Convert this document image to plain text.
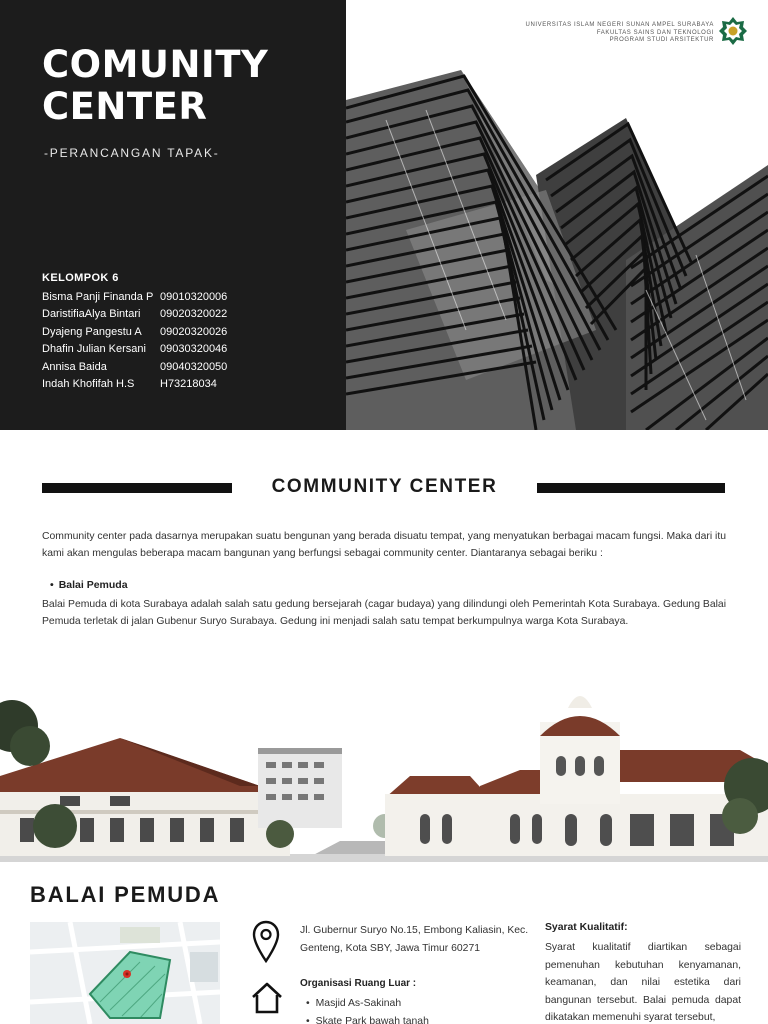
COMUNITY
CENTER
-PERANCANGAN TAPAK-
KELOMPOK 6
Bisma Panji Finanda P 09010320006
DaristifiaAlya Bintari	09020320022
Dyajeng Pangestu A	09020320026
Dhafin Julian Kersani	09030320046
Annisa Baida	09040320050
Indah Khofifah H.S	H73218034
UNIVERSITAS ISLAM NEGERI SUNAN AMPEL SURABAYA
FAKULTAS SAINS DAN TEKNOLOGI
PROGRAM STUDI ARSITEKTUR
COMMUNITY CENTER

Community center pada dasarnya merupakan suatu bengunan yang berada disuatu tempat, yang menyatukan berbagai macam fungsi. Maka dari itu kami akan mengulas beberapa macam bangunan yang berfungsi sebagai community center. Diantaranya sebagai beriku :

• Balai Pemuda

Balai Pemuda di kota Surabaya adalah salah satu gedung bersejarah (cagar budaya) yang dilindungi oleh Pemerintah Kota Surabaya. Gedung Balai Pemuda terletak di jalan Gubenur Suryo Surabaya. Gedung ini menjadi salah satu tempat berkumpulnya warga Kota Surabaya.

BALAI PEMUDA

Jl. Gubernur Suryo No.15, Embong Kaliasin, Kec. Genteng, Kota SBY, Jawa Timur 60271

Organisasi Ruang Luar :
• Masjid As-Sakinah
• Skate Park bawah tanah
Syarat Kualitatif:

Syarat kualitatif diartikan sebagai pemenuhan kebutuhan kenyamanan, keamanan, dan nilai estetika dari bangunan tersebut. Balai pemuda dapat dikatakan memenuhi syarat tersebut,
